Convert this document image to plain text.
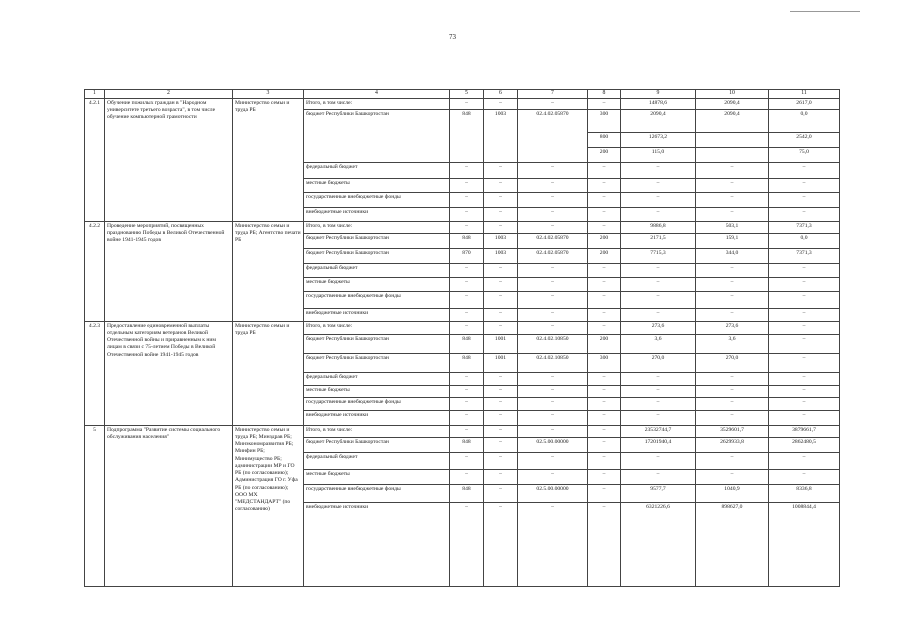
73
1	2	3	4	5	6	7	8	9	10	11
4.2.1	Обучение пожилых граждан в "Народном университете третьего возраста", в том числе обучение компьютерной грамотности	Министерство семьи и труда РБ	Итого, в том числе:	–	–	–	–	14878,6	2090,4	2617,0
			бюджет Республики Башкортостан	848	1003	02.4.02.05870	300	2090,4	2090,4	0,0
							800	12673,2		2542,0
							200	115,0		75,0
			федеральный бюджет	–	–	–	–	–	–	–
			местные бюджеты	–	–	–	–	–	–	–
			государственные внебюджетные фонды	–	–	–	–	–	–	–
			внебюджетные источники	–	–	–	–	–	–	–
4.2.2	Проведение мероприятий, посвященных празднованию Победы в Великой Отечественной войне 1941-1945 годов	Министерство семьи и труда РБ; Агентство печати РБ	Итого, в том числе:	–	–	–	–	9886,8	503,1	7371,3
			бюджет Республики Башкортостан	848	1003	02.4.02.05870	200	2171,5	159,1	0,0
			бюджет Республики Башкортостан	870	1003	02.4.02.05870	200	7715,3	344,0	7371,3
			федеральный бюджет	–	–	–	–	–	–	–
			местные бюджеты	–	–	–	–	–	–	–
			государственные внебюджетные фонды	–	–	–	–	–	–	–
			внебюджетные источники	–	–	–	–	–	–	–
4.2.3	Предоставление единовременной выплаты отдельным категориям ветеранов Великой Отечественной войны и приравненным к ним лицам в связи с 75-летием Победы в Великой Отечественной войне 1941-1945 годов	Министерство семьи и труда РБ	Итого, в том числе:	–	–	–	–	273,6	273,6	–
			бюджет Республики Башкортостан	848	1001	02.4.02.10850	200	3,6	3,6	–
			бюджет Республики Башкортостан	848	1001	02.4.02.10850	300	270,0	270,0	–
			федеральный бюджет	–	–	–	–	–	–	–
			местные бюджеты	–	–	–	–	–	–	–
			государственные внебюджетные фонды	–	–	–	–	–	–	–
			внебюджетные источники	–	–	–	–	–	–	–
5	Подпрограмма "Развитие системы социального обслуживания населения"	Министерство семьи и труда РБ; Минздрав РБ; Минэкономразвития РБ; Минфин РБ; Минимущество РБ; администрации МР и ГО РБ (по согласованию); Администрация ГО г. Уфа РБ (по согласованию); ООО МХ "МЕДСТАНДАРТ" (по согласованию)	Итого, в том числе:	–	–	–	–	23532744,7	3529601,7	3879661,7
			бюджет Республики Башкортостан	848	–	02.5.00.00000	–	17201940,4	2629933,8	2862480,5
			федеральный бюджет	–	–	–	–	–	–	–
			местные бюджеты	–	–	–	–	–	–	–
			государственные внебюджетные фонды	848	–	02.5.00.00000	–	9577,7	1040,9	8336,8
			внебюджетные источники	–	–	–	–	6321226,6	898627,0	1008844,4
